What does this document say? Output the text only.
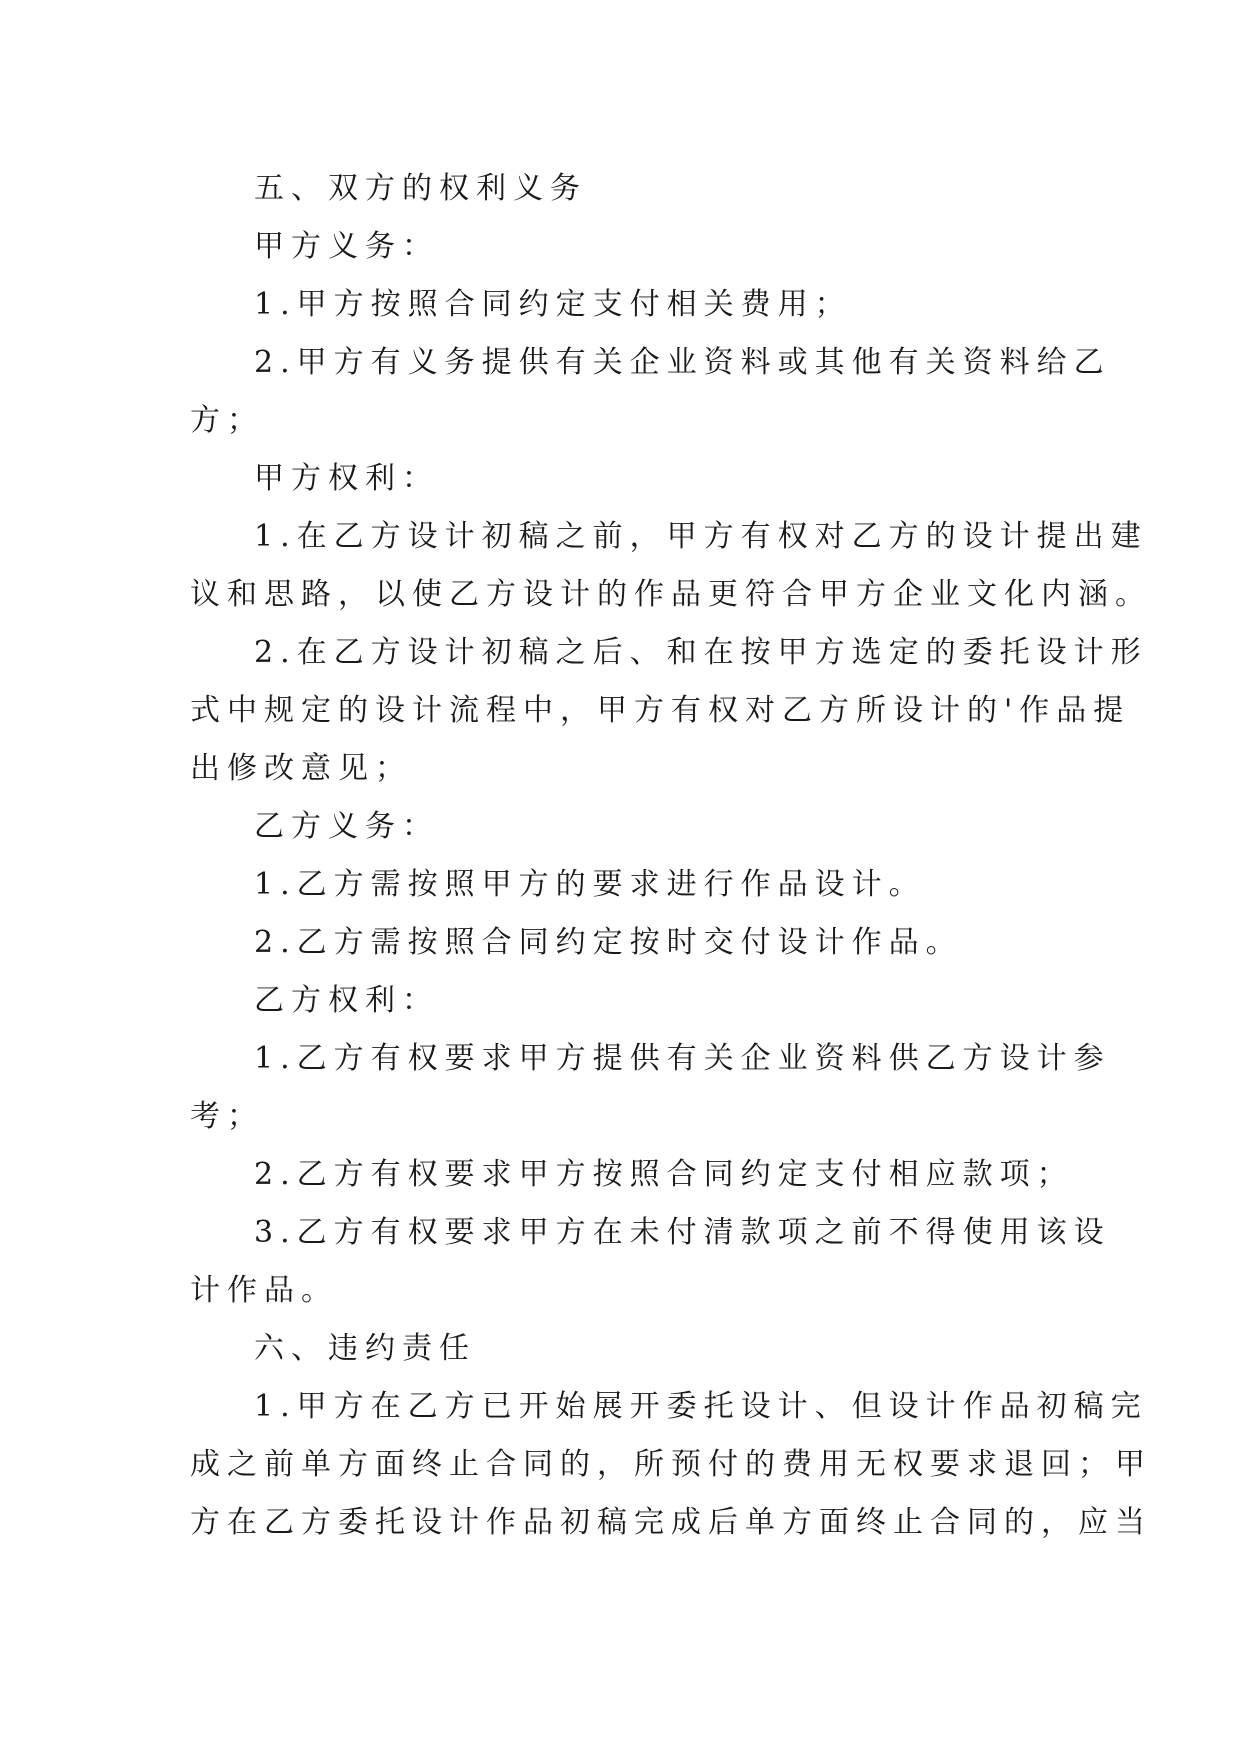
五、双方的权利义务
甲方义务：
1.甲方按照合同约定支付相关费用；
2.甲方有义务提供有关企业资料或其他有关资料给乙
方；
甲方权利：
1.在乙方设计初稿之前，甲方有权对乙方的设计提出建
议和思路，以使乙方设计的作品更符合甲方企业文化内涵。
2.在乙方设计初稿之后、和在按甲方选定的委托设计形
式中规定的设计流程中，甲方有权对乙方所设计的'作品提
出修改意见；
乙方义务：
1.乙方需按照甲方的要求进行作品设计。
2.乙方需按照合同约定按时交付设计作品。
乙方权利：
1.乙方有权要求甲方提供有关企业资料供乙方设计参
考；
2.乙方有权要求甲方按照合同约定支付相应款项；
3.乙方有权要求甲方在未付清款项之前不得使用该设
计作品。
六、违约责任
1.甲方在乙方已开始展开委托设计、但设计作品初稿完
成之前单方面终止合同的，所预付的费用无权要求退回；甲
方在乙方委托设计作品初稿完成后单方面终止合同的，应当
